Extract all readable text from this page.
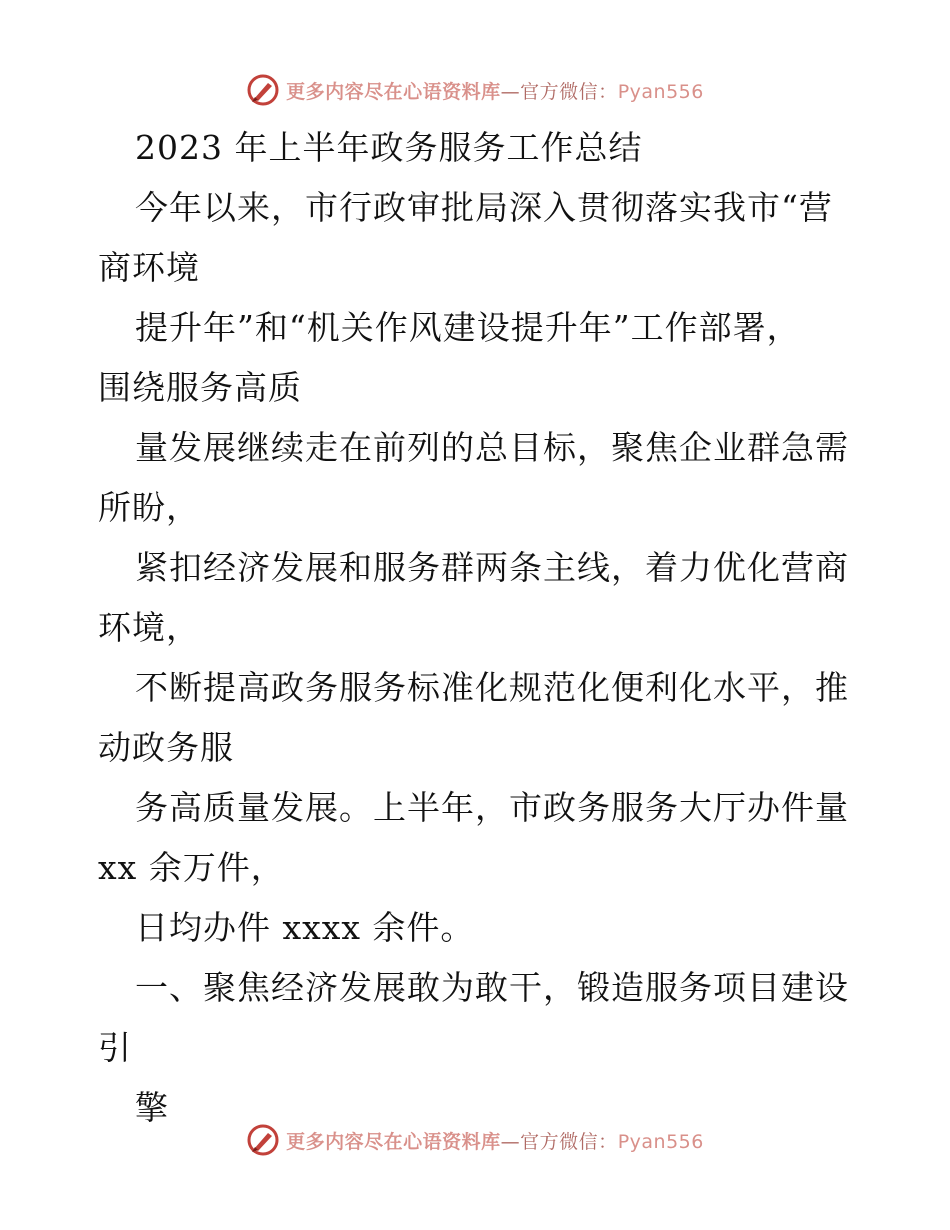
更多内容尽在心语资料库—官方微信：Pyan556
2023 年上半年政务服务工作总结
今年以来，市行政审批局深入贯彻落实我市“营
商环境
提升年”和“机关作风建设提升年”工作部署，
围绕服务高质
量发展继续走在前列的总目标，聚焦企业群急需
所盼，
紧扣经济发展和服务群两条主线，着力优化营商
环境，
不断提高政务服务标准化规范化便利化水平，推
动政务服
务高质量发展。上半年，市政务服务大厅办件量
xx 余万件，
日均办件 xxxx 余件。
一、聚焦经济发展敢为敢干，锻造服务项目建设
引
擎
更多内容尽在心语资料库—官方微信：Pyan556
